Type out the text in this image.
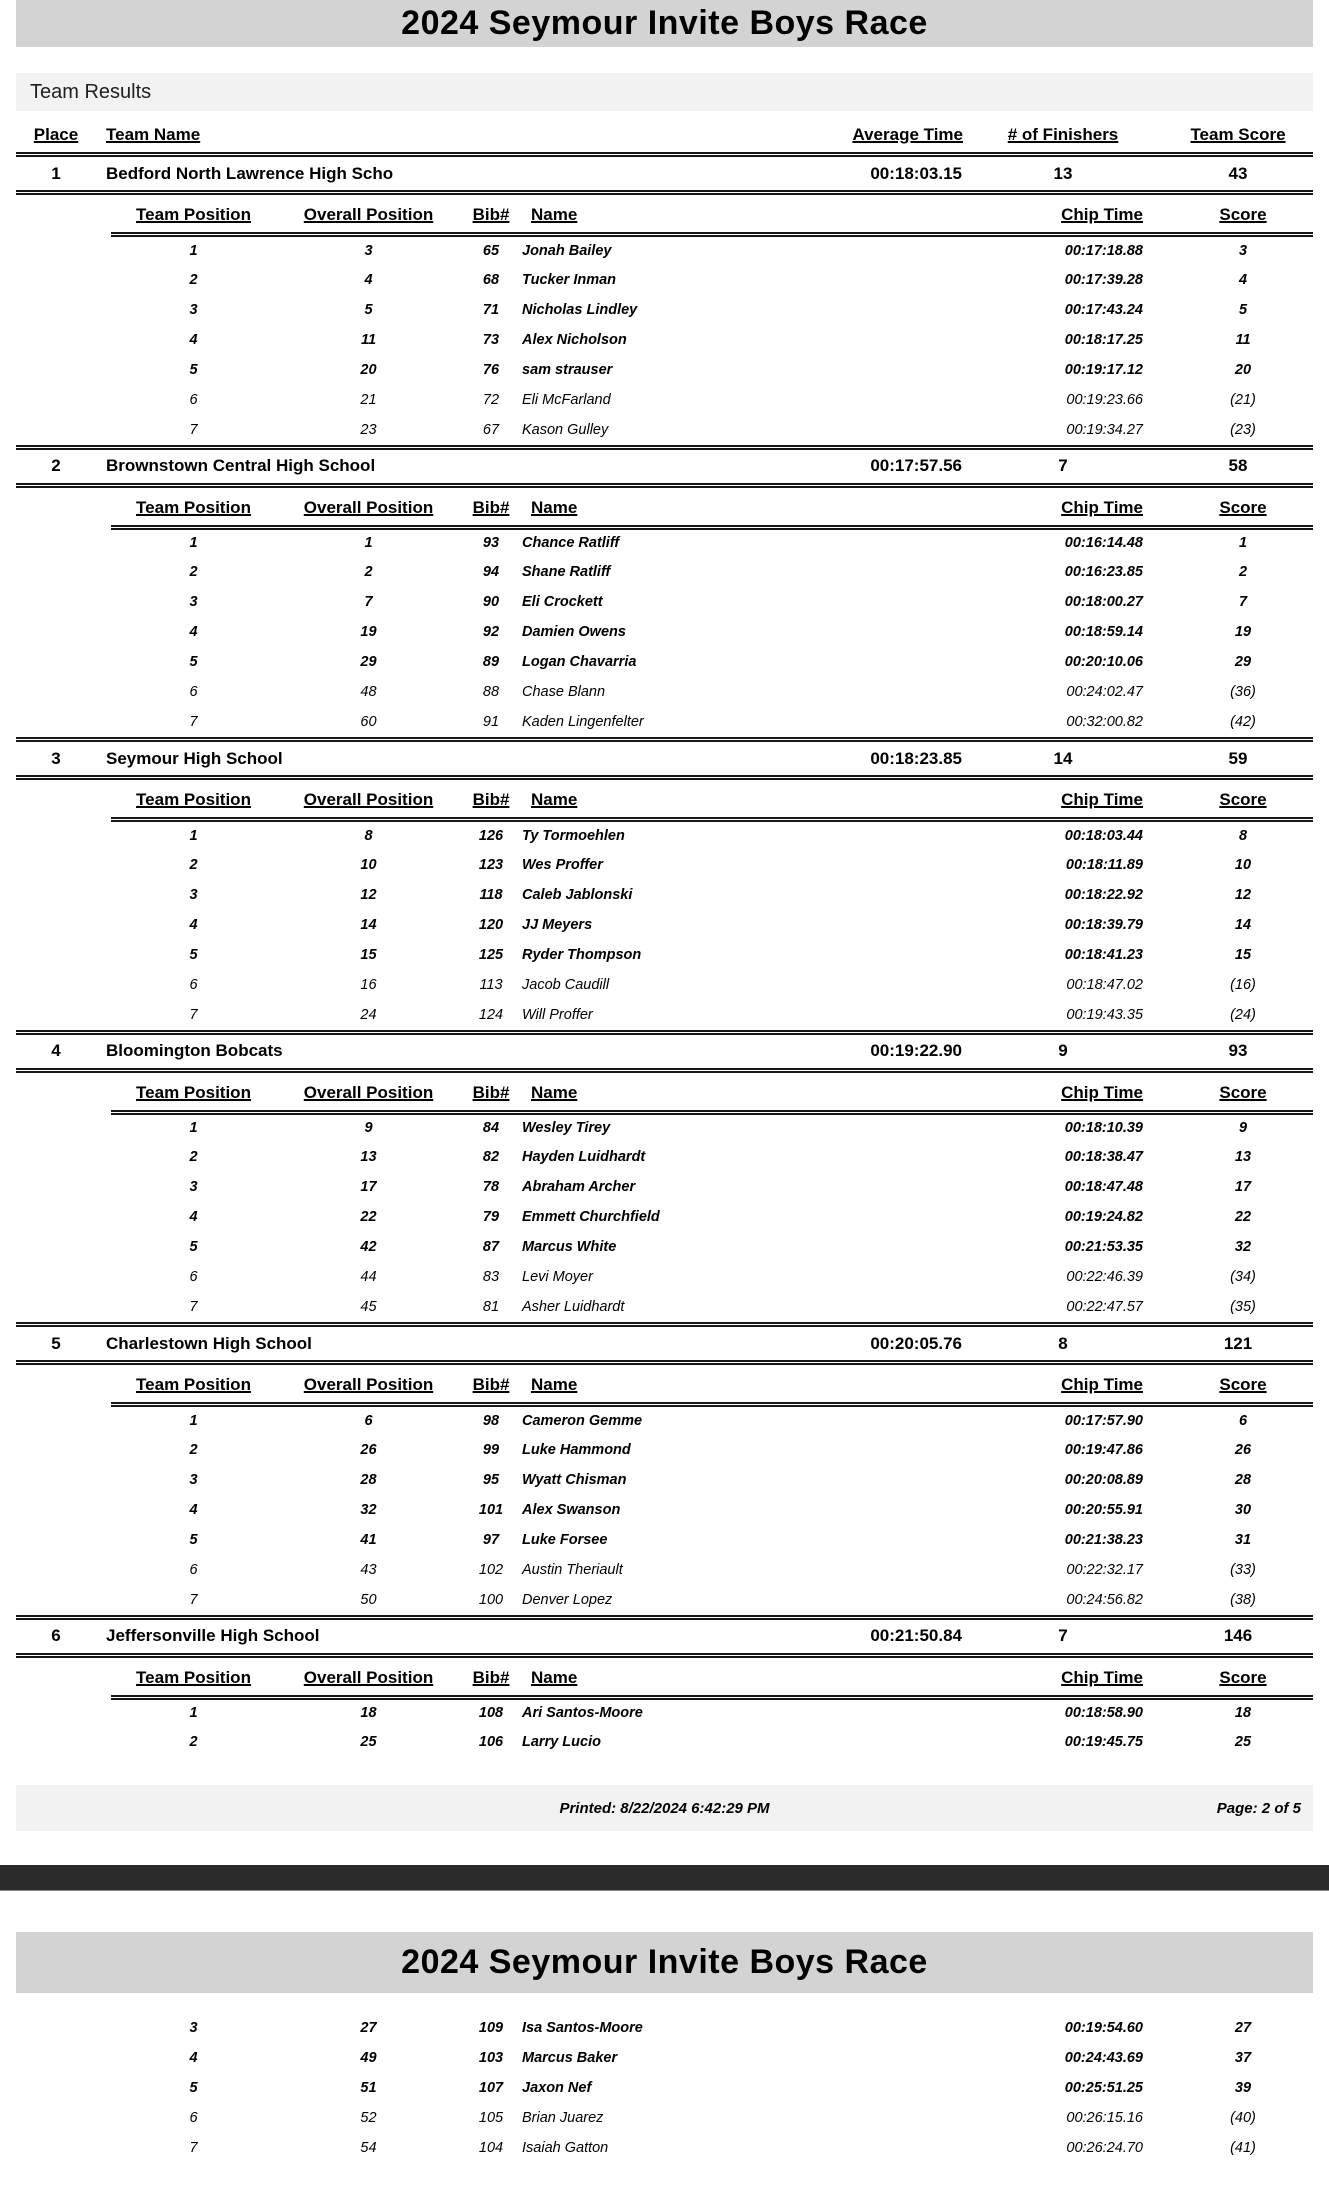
2024 Seymour Invite Boys Race
Team Results
Place	Team Name	Average Time	# of Finishers	Team Score
1	Bedford North Lawrence High Scho	00:18:03.15	13	43

Team Position	Overall Position	Bib#	Name	Chip Time	Score
1	3	65	Jonah Bailey	00:17:18.88	3
2	4	68	Tucker Inman	00:17:39.28	4
3	5	71	Nicholas Lindley	00:17:43.24	5
4	11	73	Alex Nicholson	00:18:17.25	11
5	20	76	sam strauser	00:19:17.12	20
6	21	72	Eli McFarland	00:19:23.66	(21)
7	23	67	Kason Gulley	00:19:34.27	(23)

2	Brownstown Central High School	00:17:57.56	7	58

Team Position	Overall Position	Bib#	Name	Chip Time	Score
1	1	93	Chance Ratliff	00:16:14.48	1
2	2	94	Shane Ratliff	00:16:23.85	2
3	7	90	Eli Crockett	00:18:00.27	7
4	19	92	Damien Owens	00:18:59.14	19
5	29	89	Logan Chavarria	00:20:10.06	29
6	48	88	Chase Blann	00:24:02.47	(36)
7	60	91	Kaden Lingenfelter	00:32:00.82	(42)

3	Seymour High School	00:18:23.85	14	59

Team Position	Overall Position	Bib#	Name	Chip Time	Score
1	8	126	Ty Tormoehlen	00:18:03.44	8
2	10	123	Wes Proffer	00:18:11.89	10
3	12	118	Caleb Jablonski	00:18:22.92	12
4	14	120	JJ Meyers	00:18:39.79	14
5	15	125	Ryder Thompson	00:18:41.23	15
6	16	113	Jacob Caudill	00:18:47.02	(16)
7	24	124	Will Proffer	00:19:43.35	(24)

4	Bloomington Bobcats	00:19:22.90	9	93

Team Position	Overall Position	Bib#	Name	Chip Time	Score
1	9	84	Wesley Tirey	00:18:10.39	9
2	13	82	Hayden Luidhardt	00:18:38.47	13
3	17	78	Abraham Archer	00:18:47.48	17
4	22	79	Emmett Churchfield	00:19:24.82	22
5	42	87	Marcus White	00:21:53.35	32
6	44	83	Levi Moyer	00:22:46.39	(34)
7	45	81	Asher Luidhardt	00:22:47.57	(35)

5	Charlestown High School	00:20:05.76	8	121

Team Position	Overall Position	Bib#	Name	Chip Time	Score
1	6	98	Cameron Gemme	00:17:57.90	6
2	26	99	Luke Hammond	00:19:47.86	26
3	28	95	Wyatt Chisman	00:20:08.89	28
4	32	101	Alex Swanson	00:20:55.91	30
5	41	97	Luke Forsee	00:21:38.23	31
6	43	102	Austin Theriault	00:22:32.17	(33)
7	50	100	Denver Lopez	00:24:56.82	(38)

6	Jeffersonville High School	00:21:50.84	7	146

Team Position	Overall Position	Bib#	Name	Chip Time	Score
1	18	108	Ari Santos-Moore	00:18:58.90	18
2	25	106	Larry Lucio	00:19:45.75	25
Printed: 8/22/2024 6:42:29 PM	Page: 2 of 5
2024 Seymour Invite Boys Race
3	27	109	Isa Santos-Moore	00:19:54.60	27
4	49	103	Marcus Baker	00:24:43.69	37
5	51	107	Jaxon Nef	00:25:51.25	39
6	52	105	Brian Juarez	00:26:15.16	(40)
7	54	104	Isaiah Gatton	00:26:24.70	(41)
